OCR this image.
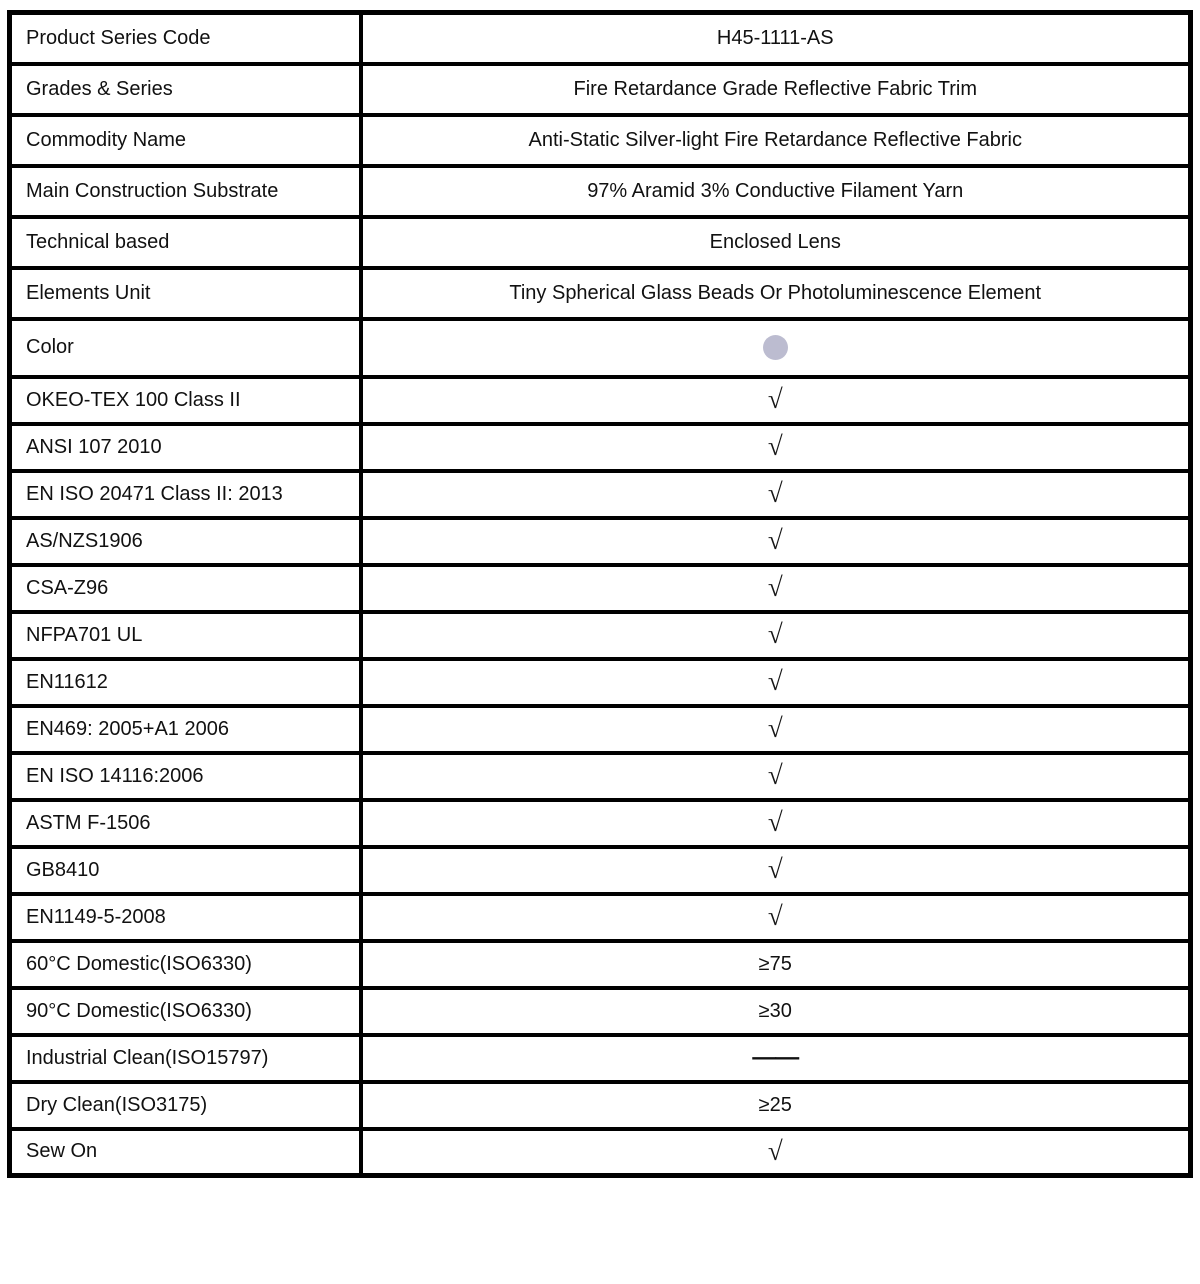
Product Series Code	H45-1111-AS
Grades & Series	Fire Retardance Grade Reflective Fabric Trim
Commodity Name	Anti-Static Silver-light Fire Retardance Reflective Fabric
Main Construction Substrate	97% Aramid 3% Conductive Filament Yarn
Technical based	Enclosed Lens
Elements Unit	Tiny Spherical Glass Beads Or Photoluminescence Element
Color	
OKEO-TEX 100 Class II	√
ANSI 107 2010	√
EN ISO 20471 Class II: 2013	√
AS/NZS1906	√
CSA-Z96	√
NFPA701 UL	√
EN11612	√
EN469: 2005+A1 2006	√
EN ISO 14116:2006	√
ASTM F-1506	√
GB8410	√
EN1149-5-2008	√
60°C Domestic(ISO6330)	≥75
90°C Domestic(ISO6330)	≥30
Industrial Clean(ISO15797)	——
Dry Clean(ISO3175)	≥25
Sew On	√
